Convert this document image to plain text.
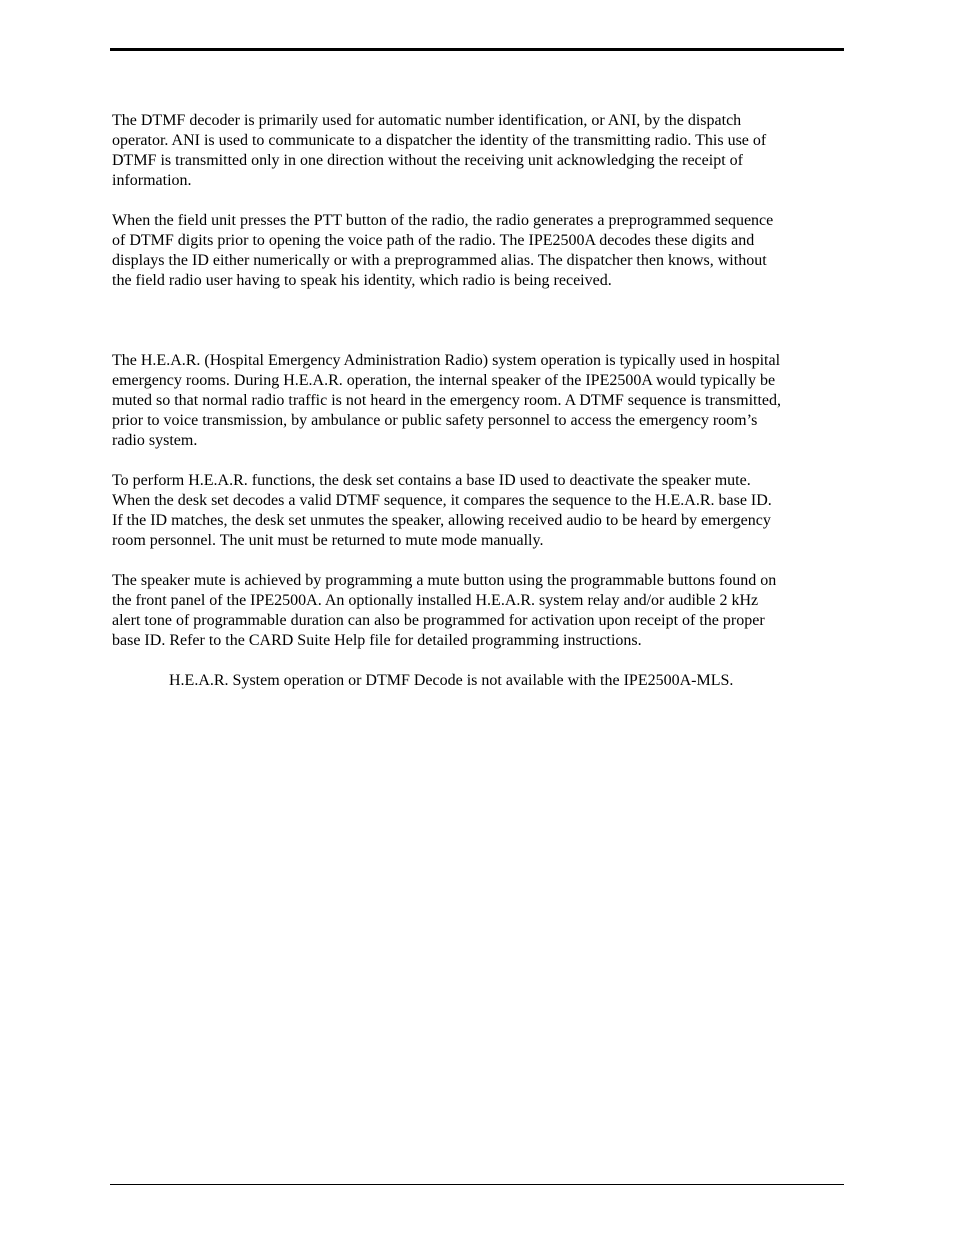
The DTMF decoder is primarily used for automatic number identification, or ANI, by the dispatch
operator. ANI is used to communicate to a dispatcher the identity of the transmitting radio. This use of
DTMF is transmitted only in one direction without the receiving unit acknowledging the receipt of
information.

When the field unit presses the PTT button of the radio, the radio generates a preprogrammed sequence
of DTMF digits prior to opening the voice path of the radio. The IPE2500A decodes these digits and
displays the ID either numerically or with a preprogrammed alias. The dispatcher then knows, without
the field radio user having to speak his identity, which radio is being received.

The H.E.A.R. (Hospital Emergency Administration Radio) system operation is typically used in hospital
emergency rooms. During H.E.A.R. operation, the internal speaker of the IPE2500A would typically be
muted so that normal radio traffic is not heard in the emergency room. A DTMF sequence is transmitted,
prior to voice transmission, by ambulance or public safety personnel to access the emergency room’s
radio system.

To perform H.E.A.R. functions, the desk set contains a base ID used to deactivate the speaker mute.
When the desk set decodes a valid DTMF sequence, it compares the sequence to the H.E.A.R. base ID.
If the ID matches, the desk set unmutes the speaker, allowing received audio to be heard by emergency
room personnel. The unit must be returned to mute mode manually.

The speaker mute is achieved by programming a mute button using the programmable buttons found on
the front panel of the IPE2500A. An optionally installed H.E.A.R. system relay and/or audible 2 kHz
alert tone of programmable duration can also be programmed for activation upon receipt of the proper
base ID. Refer to the CARD Suite Help file for detailed programming instructions.

H.E.A.R. System operation or DTMF Decode is not available with the IPE2500A-MLS.
